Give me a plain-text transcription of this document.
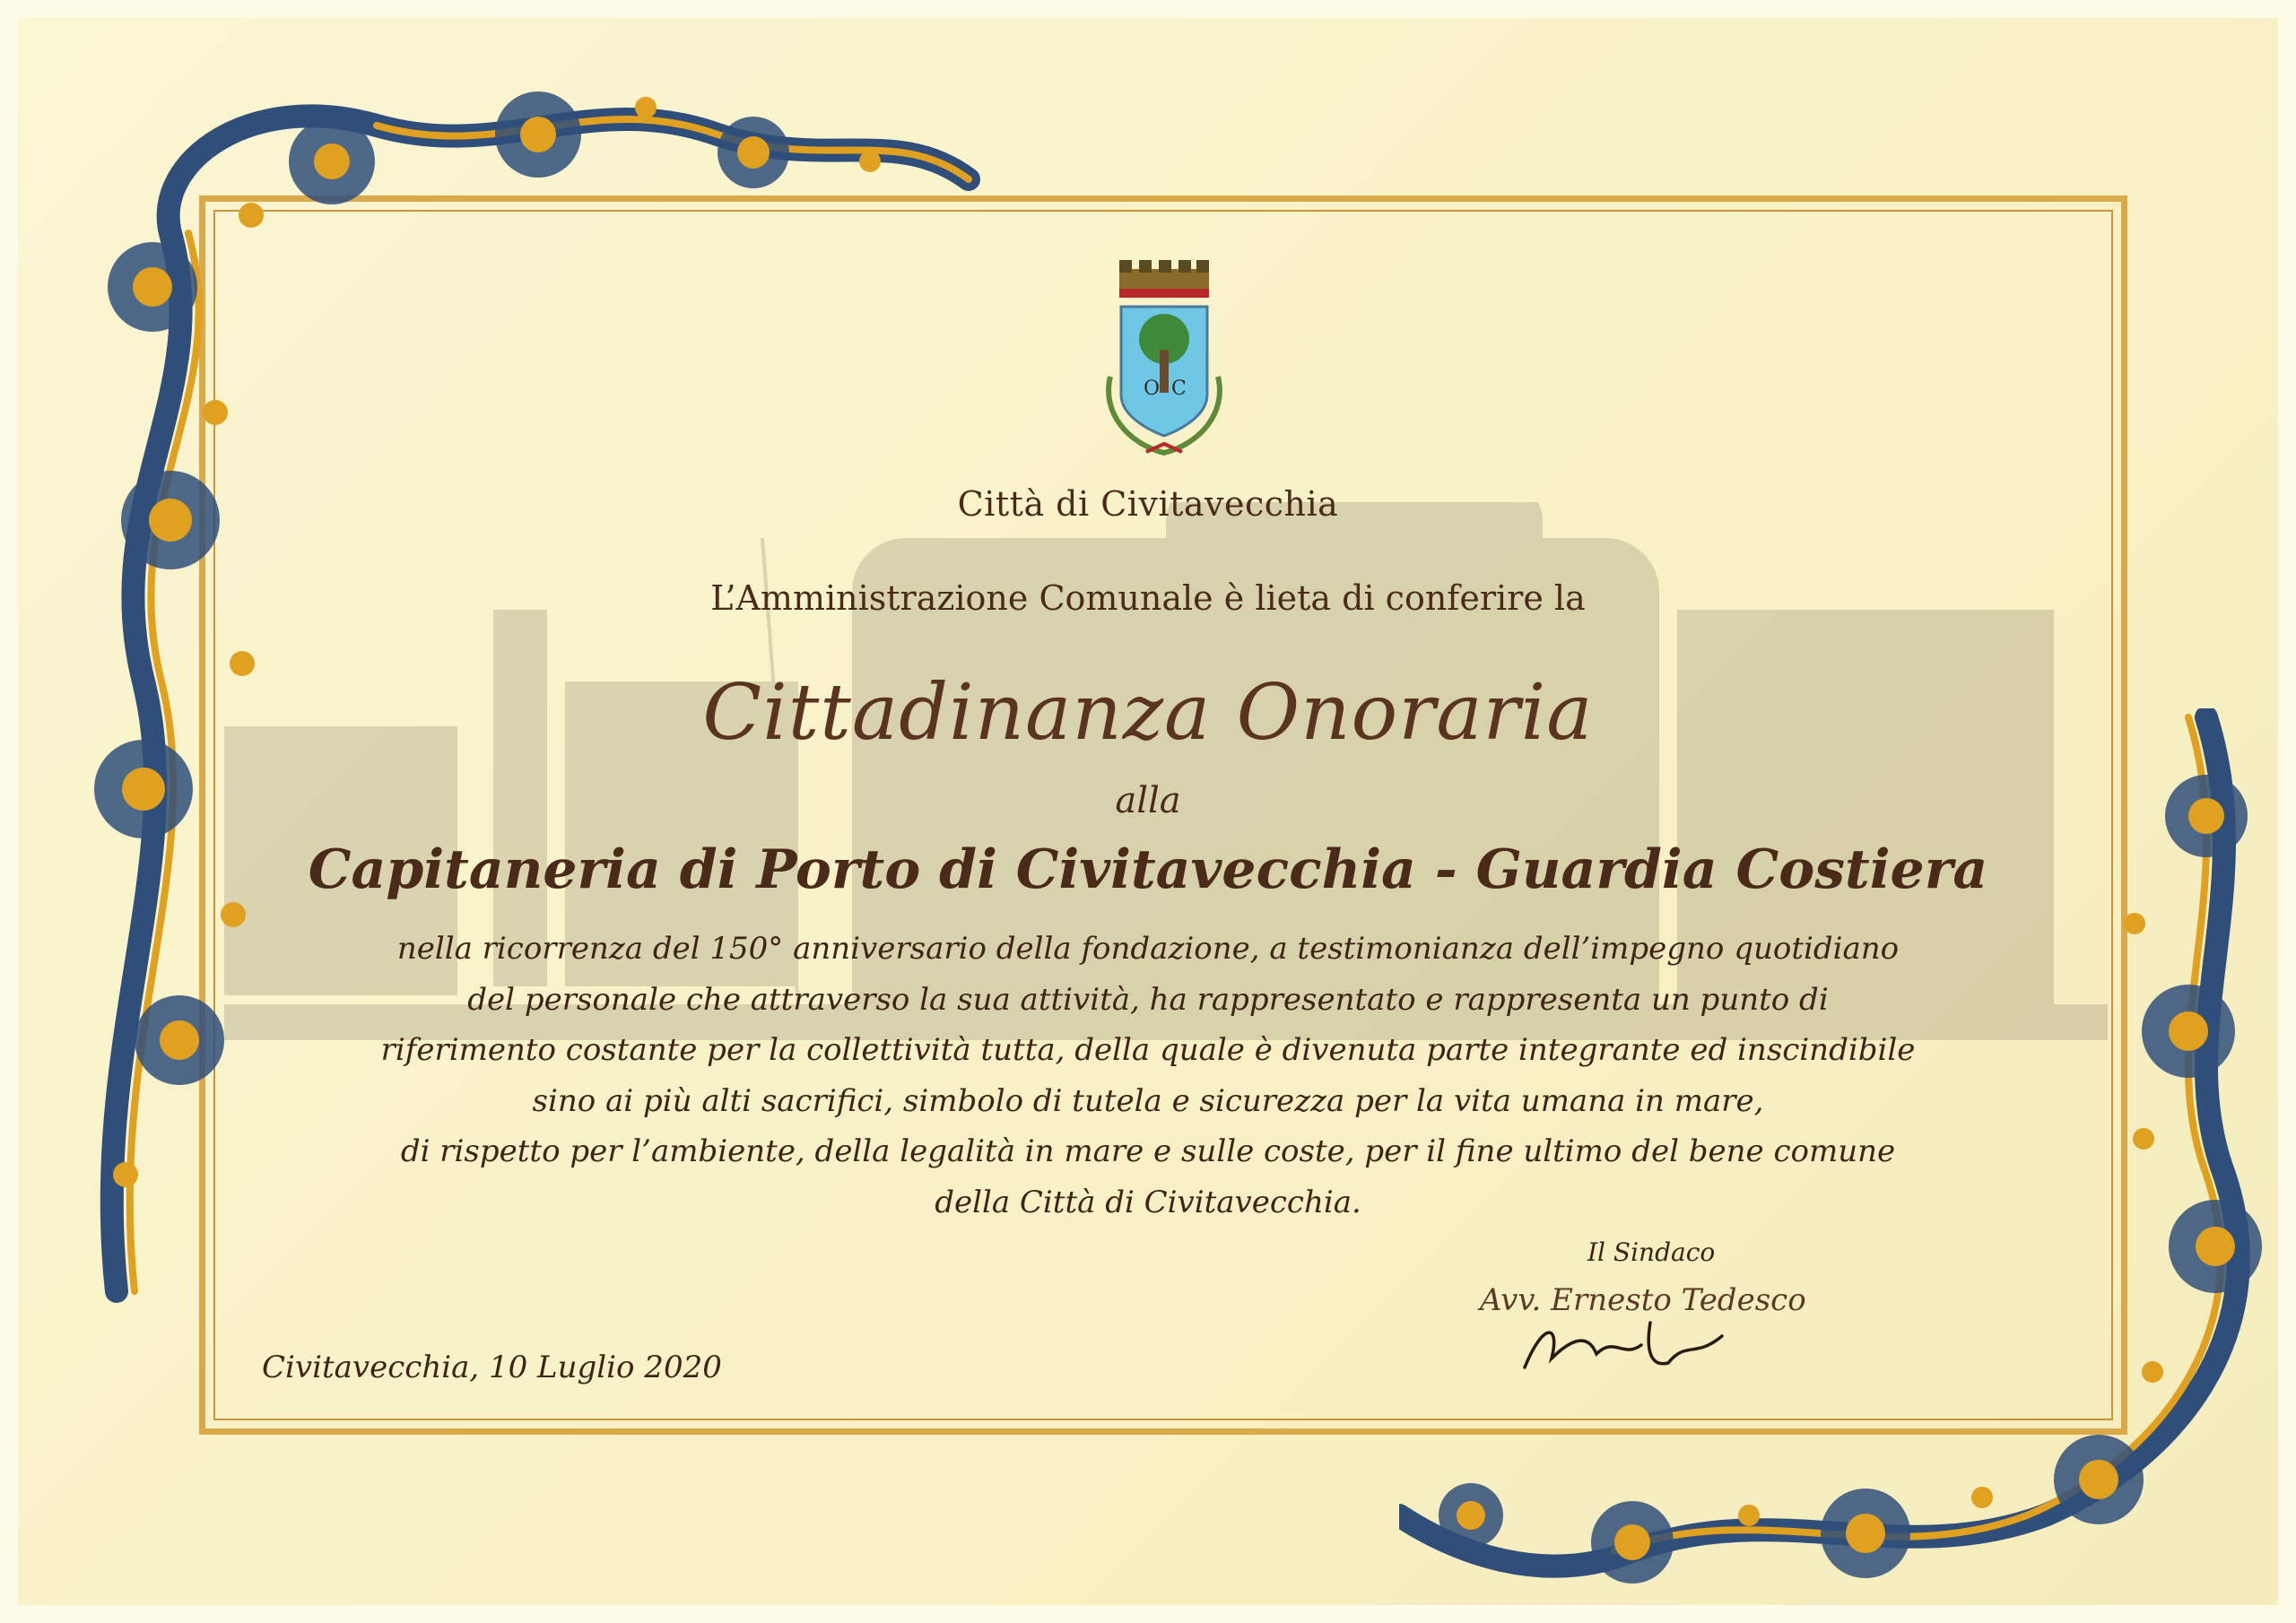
O C
Città di Civitavecchia
L’Amministrazione Comunale è lieta di conferire la
Cittadinanza Onoraria
alla
Capitaneria di Porto di Civitavecchia - Guardia Costiera
nella ricorrenza del 150° anniversario della fondazione, a testimonianza dell’impegno quotidiano
del personale che attraverso la sua attività, ha rappresentato e rappresenta un punto di
riferimento costante per la collettività tutta, della quale è divenuta parte integrante ed inscindibile
sino ai più alti sacrifici, simbolo di tutela e sicurezza per la vita umana in mare,
di rispetto per l’ambiente, della legalità in mare e sulle coste, per il fine ultimo del bene comune
della Città di Civitavecchia.
Il Sindaco
Avv. Ernesto Tedesco
Civitavecchia, 10 Luglio 2020
